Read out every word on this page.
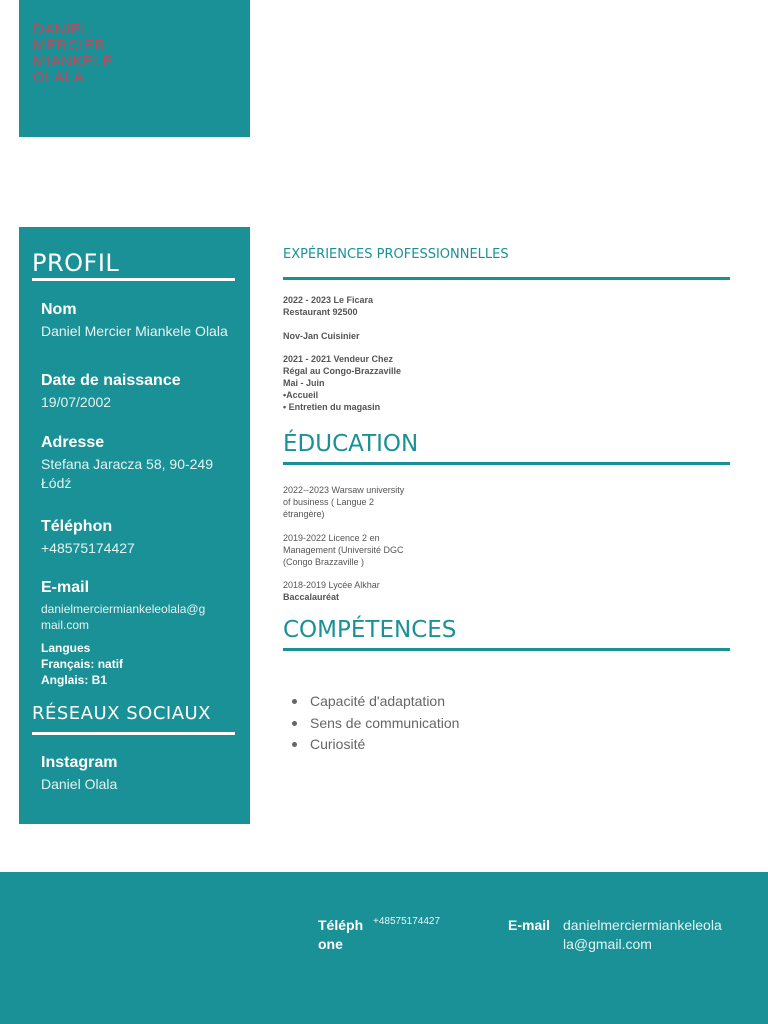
DANIEL
MERCIER
MIANKELE
OLALA
PROFIL
Nom
Daniel Mercier Miankele Olala
Date de naissance
19/07/2002
Adresse
Stefana Jaracza 58, 90-249 Łódź
Téléphon
+48575174427
E-mail
danielmerciermiankeleolala@gmail.com
Langues
Français: natif
Anglais: B1
RÉSEAUX SOCIAUX
Instagram
Daniel Olala
EXPÉRIENCES PROFESSIONNELLES
2022 - 2023 Le Ficara
Restaurant 92500
Nov-Jan Cuisinier
2021 - 2021 Vendeur Chez
Régal au Congo-Brazzaville
Mai - Juin
•Accueil
• Entretien du magasin
ÉDUCATION
2022--2023 Warsaw university
of business ( Langue 2
étrangère)
2019-2022 Licence 2 en
Management (Université DGC
(Congo Brazzaville )
2018-2019 Lycée Alkhar
Baccalauréat
COMPÉTENCES
Capacité d'adaptation
Sens de communication
Curiosité
Téléph
one
+48575174427	E-mail danielmerciermiankeleola
la@gmail.com
